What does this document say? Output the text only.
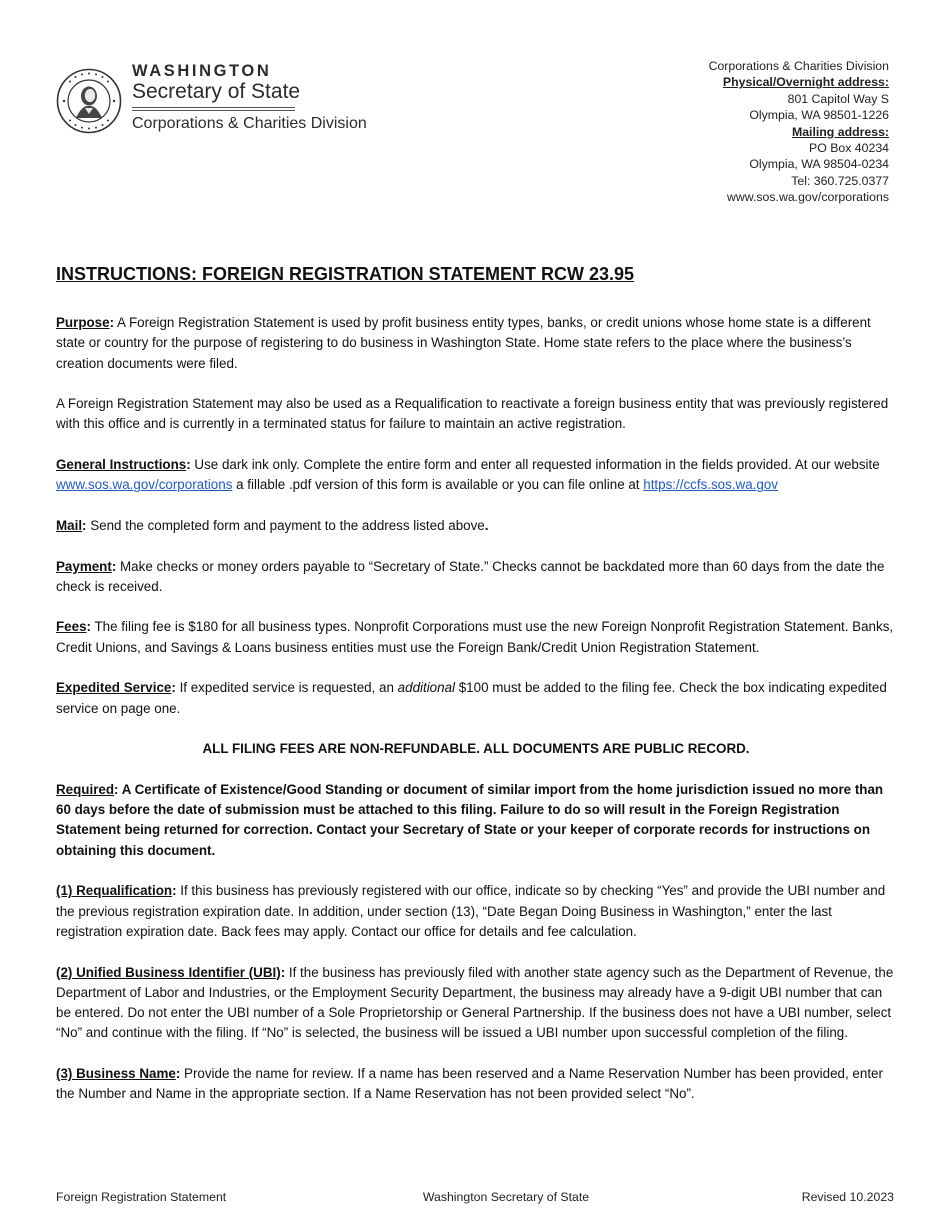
WASHINGTON
Secretary of State
Corporations & Charities Division
Corporations & Charities Division
Physical/Overnight address:
801 Capitol Way S
Olympia, WA 98501-1226
Mailing address:
PO Box 40234
Olympia, WA 98504-0234
Tel: 360.725.0377
www.sos.wa.gov/corporations
INSTRUCTIONS: FOREIGN REGISTRATION STATEMENT RCW 23.95

Purpose: A Foreign Registration Statement is used by profit business entity types, banks, or credit unions whose home state is a different state or country for the purpose of registering to do business in Washington State. Home state refers to the place where the business’s creation documents were filed.

A Foreign Registration Statement may also be used as a Requalification to reactivate a foreign business entity that was previously registered with this office and is currently in a terminated status for failure to maintain an active registration.

General Instructions: Use dark ink only. Complete the entire form and enter all requested information in the fields provided. At our website www.sos.wa.gov/corporations a fillable .pdf version of this form is available or you can file online at https://ccfs.sos.wa.gov

Mail: Send the completed form and payment to the address listed above.

Payment: Make checks or money orders payable to “Secretary of State.” Checks cannot be backdated more than 60 days from the date the check is received.

Fees: The filing fee is $180 for all business types. Nonprofit Corporations must use the new Foreign Nonprofit Registration Statement. Banks, Credit Unions, and Savings & Loans business entities must use the Foreign Bank/Credit Union Registration Statement.

Expedited Service: If expedited service is requested, an additional $100 must be added to the filing fee. Check the box indicating expedited service on page one.

ALL FILING FEES ARE NON-REFUNDABLE. ALL DOCUMENTS ARE PUBLIC RECORD.

Required: A Certificate of Existence/Good Standing or document of similar import from the home jurisdiction issued no more than 60 days before the date of submission must be attached to this filing. Failure to do so will result in the Foreign Registration Statement being returned for correction. Contact your Secretary of State or your keeper of corporate records for instructions on obtaining this document.

(1) Requalification: If this business has previously registered with our office, indicate so by checking “Yes” and provide the UBI number and the previous registration expiration date. In addition, under section (13), “Date Began Doing Business in Washington,” enter the last registration expiration date. Back fees may apply. Contact our office for details and fee calculation.

(2) Unified Business Identifier (UBI): If the business has previously filed with another state agency such as the Department of Revenue, the Department of Labor and Industries, or the Employment Security Department, the business may already have a 9-digit UBI number that can be entered. Do not enter the UBI number of a Sole Proprietorship or General Partnership. If the business does not have a UBI number, select “No” and continue with the filing. If “No” is selected, the business will be issued a UBI number upon successful completion of the filing.

(3) Business Name: Provide the name for review. If a name has been reserved and a Name Reservation Number has been provided, enter the Number and Name in the appropriate section. If a Name Reservation has not been provided select “No”.

Foreign Registration Statement	Washington Secretary of State	Revised 10.2023
